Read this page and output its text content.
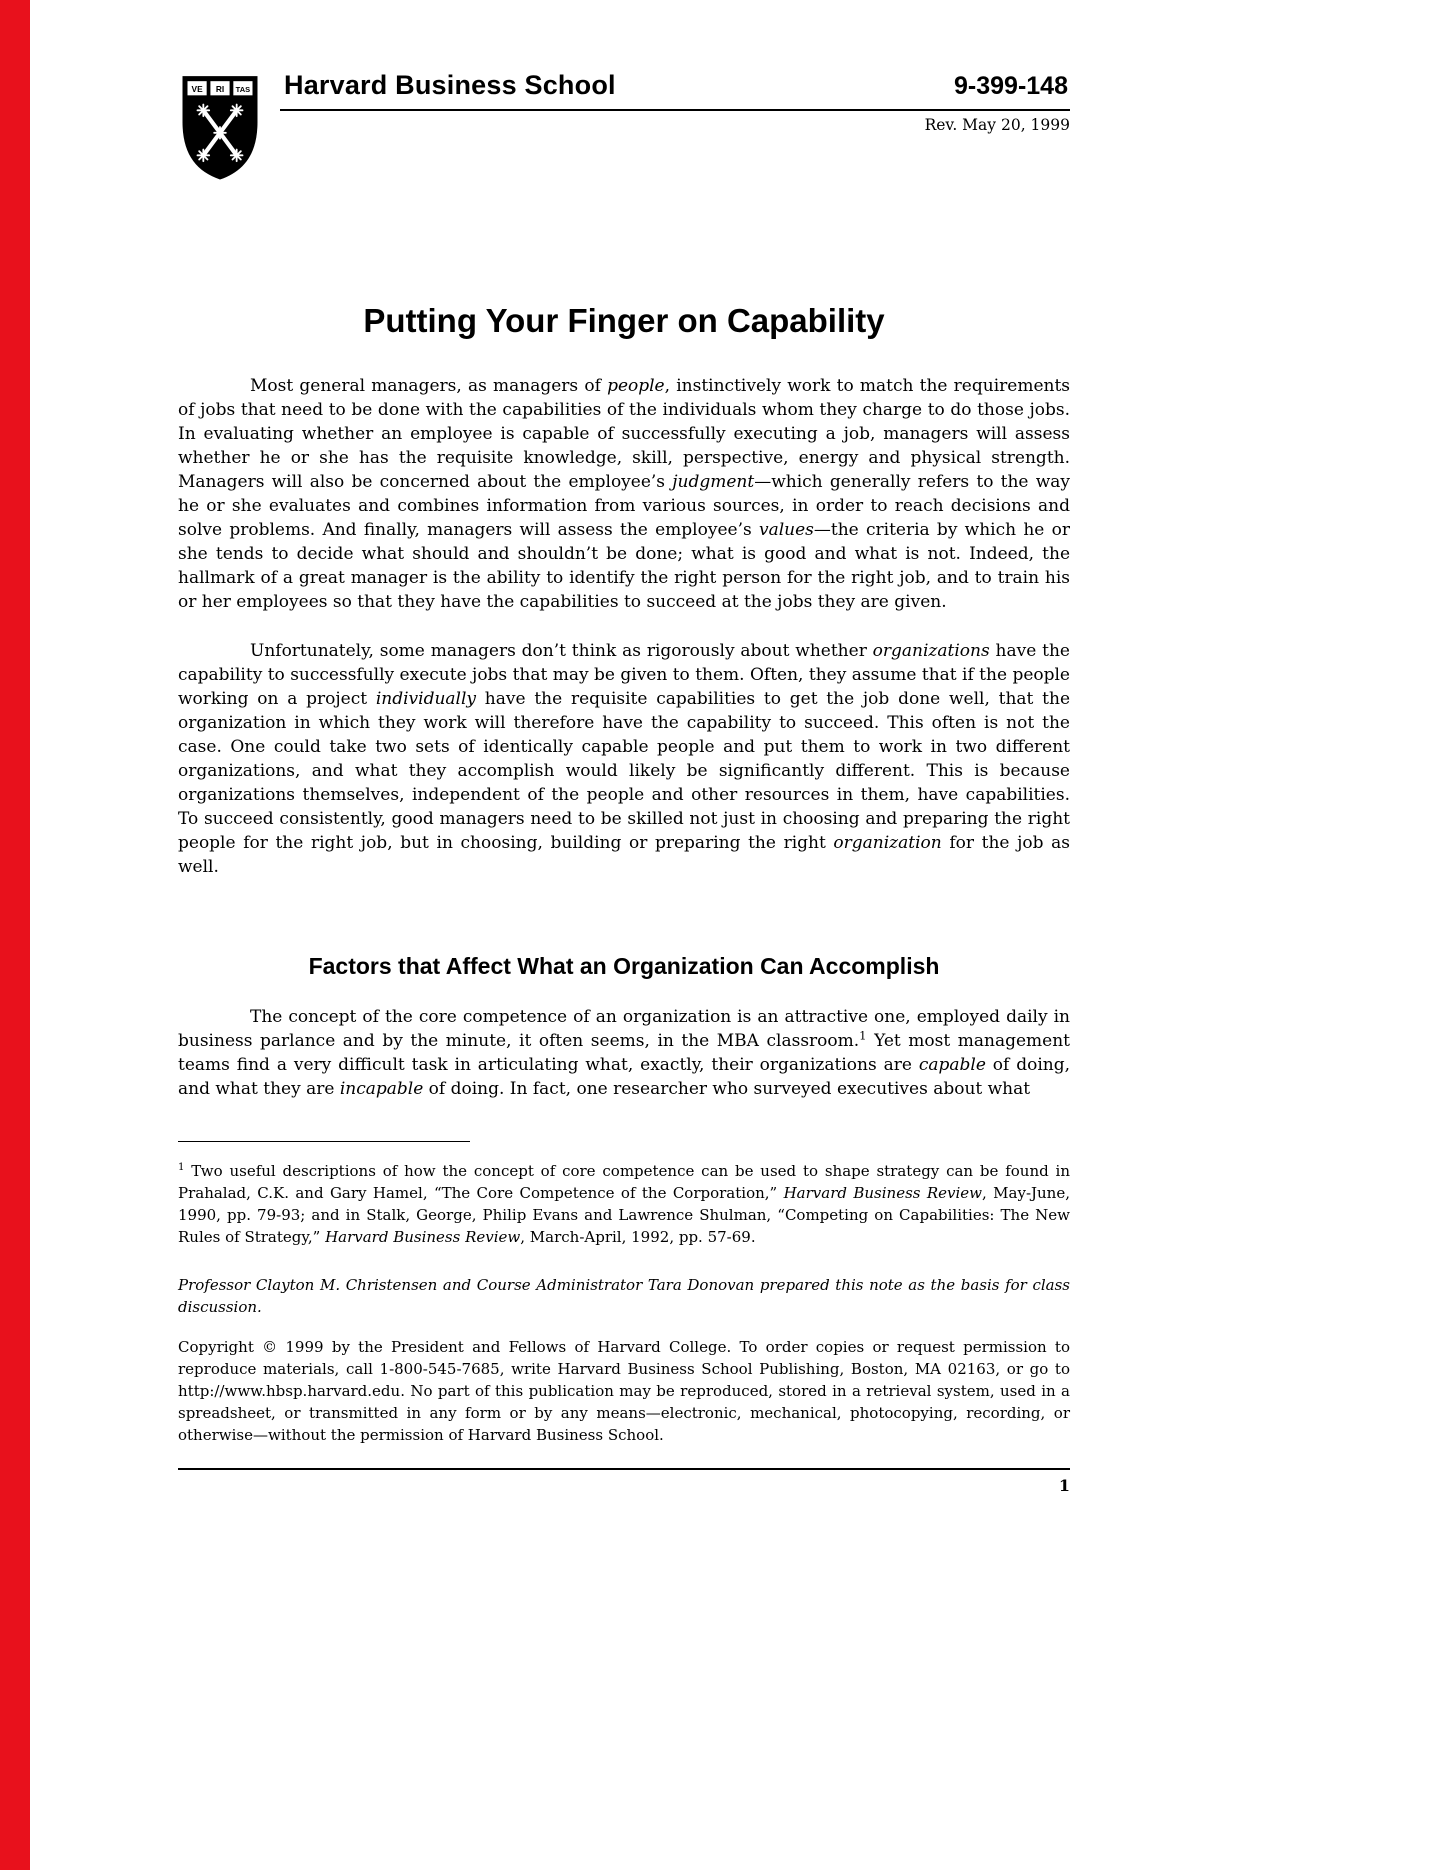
VE RI TAS Harvard Business School	9-399-148
Rev. May 20, 1999
Putting Your Finger on Capability

Most general managers, as managers of people, instinctively work to match the requirements of jobs that need to be done with the capabilities of the individuals whom they charge to do those jobs. In evaluating whether an employee is capable of successfully executing a job, managers will assess whether he or she has the requisite knowledge, skill, perspective, energy and physical strength. Managers will also be concerned about the employee’s judgment—which generally refers to the way he or she evaluates and combines information from various sources, in order to reach decisions and solve problems. And finally, managers will assess the employee’s values—the criteria by which he or she tends to decide what should and shouldn’t be done; what is good and what is not. Indeed, the hallmark of a great manager is the ability to identify the right person for the right job, and to train his or her employees so that they have the capabilities to succeed at the jobs they are given.

Unfortunately, some managers don’t think as rigorously about whether organizations have the capability to successfully execute jobs that may be given to them. Often, they assume that if the people working on a project individually have the requisite capabilities to get the job done well, that the organization in which they work will therefore have the capability to succeed. This often is not the case. One could take two sets of identically capable people and put them to work in two different organizations, and what they accomplish would likely be significantly different. This is because organizations themselves, independent of the people and other resources in them, have capabilities. To succeed consistently, good managers need to be skilled not just in choosing and preparing the right people for the right job, but in choosing, building or preparing the right organization for the job as well.

Factors that Affect What an Organization Can Accomplish

The concept of the core competence of an organization is an attractive one, employed daily in business parlance and by the minute, it often seems, in the MBA classroom.$^1$ Yet most management teams find a very difficult task in articulating what, exactly, their organizations are capable of doing, and what they are incapable of doing. In fact, one researcher who surveyed executives about what

$^1$ Two useful descriptions of how the concept of core competence can be used to shape strategy can be found in Prahalad, C.K. and Gary Hamel, “The Core Competence of the Corporation,” Harvard Business Review, May-June, 1990, pp. 79-93; and in Stalk, George, Philip Evans and Lawrence Shulman, “Competing on Capabilities: The New Rules of Strategy,” Harvard Business Review, March-April, 1992, pp. 57-69.

Professor Clayton M. Christensen and Course Administrator Tara Donovan prepared this note as the basis for class discussion.

Copyright © 1999 by the President and Fellows of Harvard College. To order copies or request permission to reproduce materials, call 1-800-545-7685, write Harvard Business School Publishing, Boston, MA 02163, or go to http://www.hbsp.harvard.edu. No part of this publication may be reproduced, stored in a retrieval system, used in a spreadsheet, or transmitted in any form or by any means—electronic, mechanical, photocopying, recording, or otherwise—without the permission of Harvard Business School.

1
